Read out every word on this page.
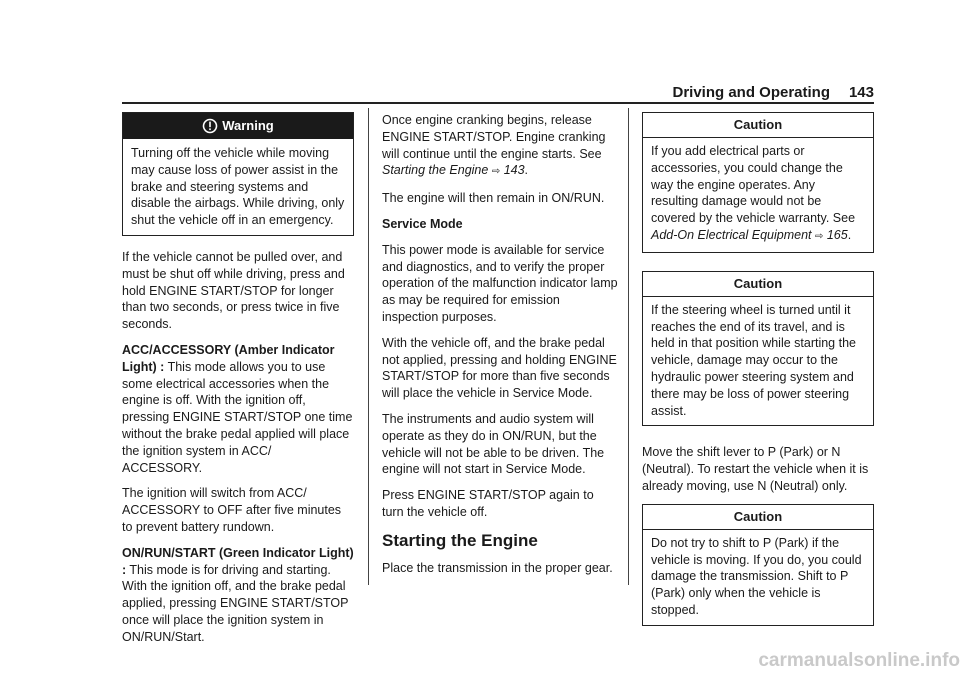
Driving and Operating	143
Warning
Turning off the vehicle while moving may cause loss of power assist in the brake and steering systems and disable the airbags. While driving, only shut the vehicle off in an emergency.

If the vehicle cannot be pulled over, and must be shut off while driving, press and hold ENGINE START/STOP for longer than two seconds, or press twice in five seconds.

ACC/ACCESSORY (Amber Indicator Light) : This mode allows you to use some electrical accessories when the engine is off. With the ignition off, pressing ENGINE START/STOP one time without the brake pedal applied will place the ignition system in ACC/ ACCESSORY.

The ignition will switch from ACC/ ACCESSORY to OFF after five minutes to prevent battery rundown.

ON/RUN/START (Green Indicator Light) : This mode is for driving and starting. With the ignition off, and the brake pedal applied, pressing ENGINE START/STOP once will place the ignition system in ON/RUN/Start.

Once engine cranking begins, release ENGINE START/STOP. Engine cranking will continue until the engine starts. See Starting the Engine ⇨ 143.

The engine will then remain in ON/RUN.

Service Mode

This power mode is available for service and diagnostics, and to verify the proper operation of the malfunction indicator lamp as may be required for emission inspection purposes.

With the vehicle off, and the brake pedal not applied, pressing and holding ENGINE START/STOP for more than five seconds will place the vehicle in Service Mode.

The instruments and audio system will operate as they do in ON/RUN, but the vehicle will not be able to be driven. The engine will not start in Service Mode.

Press ENGINE START/STOP again to turn the vehicle off.

Starting the Engine

Place the transmission in the proper gear.

Caution
If you add electrical parts or accessories, you could change the way the engine operates. Any resulting damage would not be covered by the vehicle warranty. See Add-On Electrical Equipment ⇨ 165.
Caution
If the steering wheel is turned until it reaches the end of its travel, and is held in that position while starting the vehicle, damage may occur to the hydraulic power steering system and there may be loss of power steering assist.

Move the shift lever to P (Park) or N (Neutral). To restart the vehicle when it is already moving, use N (Neutral) only.

Caution
Do not try to shift to P (Park) if the vehicle is moving. If you do, you could damage the transmission. Shift to P (Park) only when the vehicle is stopped.
carmanualsonline.info
